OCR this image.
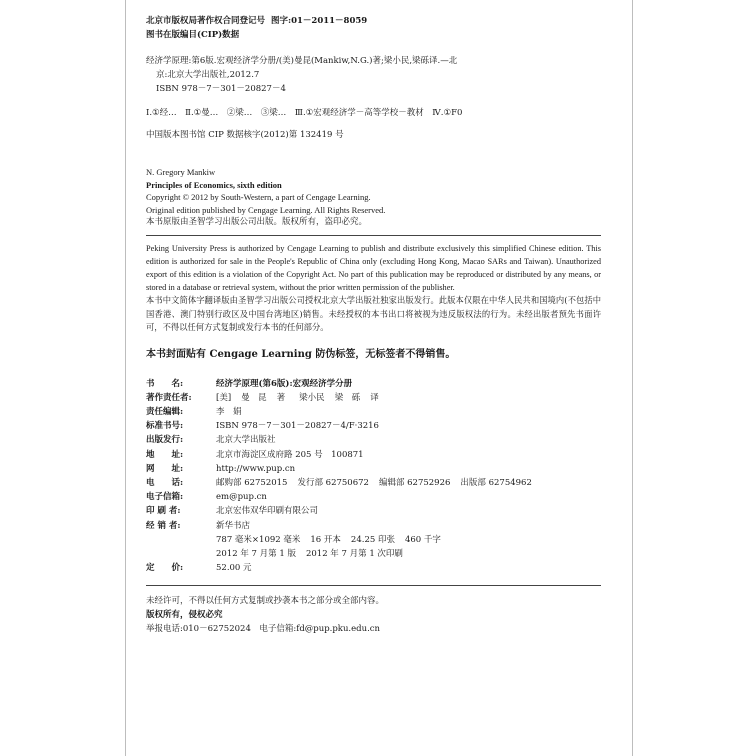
北京市版权局著作权合同登记号 图字:01－2011－8059
图书在版编目(CIP)数据
经济学原理:第6版.宏观经济学分册/(美)曼昆(Mankiw,N.G.)著;梁小民,梁砾译.—北
京:北京大学出版社,2012.7
ISBN 978－7－301－20827－4
Ⅰ.①经…　Ⅱ.①曼…　②梁…　③梁…　Ⅲ.①宏观经济学－高等学校－教材　Ⅳ.①F0
中国版本图书馆 CIP 数据核字(2012)第 132419 号
N. Gregory Mankiw
Principles of Economics, sixth edition
Copyright © 2012 by South-Western, a part of Cengage Learning.
Original edition published by Cengage Learning. All Rights Reserved.
本书原版由圣智学习出版公司出版。版权所有，盗印必究。
Peking University Press is authorized by Cengage Learning to publish and distribute exclusively this simplified Chinese edition. This edition is authorized for sale in the People's Republic of China only (excluding Hong Kong, Macao SARs and Taiwan). Unauthorized export of this edition is a violation of the Copyright Act. No part of this publication may be reproduced or distributed by any means, or stored in a database or retrieval system, without the prior written permission of the publisher.
本书中文简体字翻译版由圣智学习出版公司授权北京大学出版社独家出版发行。此版本仅限在中华人民共和国境内(不包括中国香港、澳门特别行政区及中国台湾地区)销售。未经授权的本书出口将被视为违反版权法的行为。未经出版者预先书面许可，不得以任何方式复制或发行本书的任何部分。
本书封面贴有 Cengage Learning 防伪标签，无标签者不得销售。
书　　名:	经济学原理(第6版):宏观经济学分册
著作责任者:	[美] 曼　昆 著 梁小民 梁　砾 译
责任编辑:	李　娟
标准书号:	ISBN 978－7－301－20827－4/F·3216
出版发行:	北京大学出版社
地　　址:	北京市海淀区成府路 205 号　100871
网　　址:	http://www.pup.cn
电　　话:	邮购部 62752015 发行部 62750672 编辑部 62752926 出版部 62754962
电子信箱:	em@pup.cn
印 刷 者:	北京宏伟双华印刷有限公司
经 销 者:	新华书店
787 毫米×1092 毫米 16 开本 24.25 印张 460 千字
2012 年 7 月第 1 版 2012 年 7 月第 1 次印刷
定　　价:	52.00 元
未经许可，不得以任何方式复制或抄袭本书之部分或全部内容。
版权所有，侵权必究
举报电话:010－62752024　电子信箱:fd@pup.pku.edu.cn
